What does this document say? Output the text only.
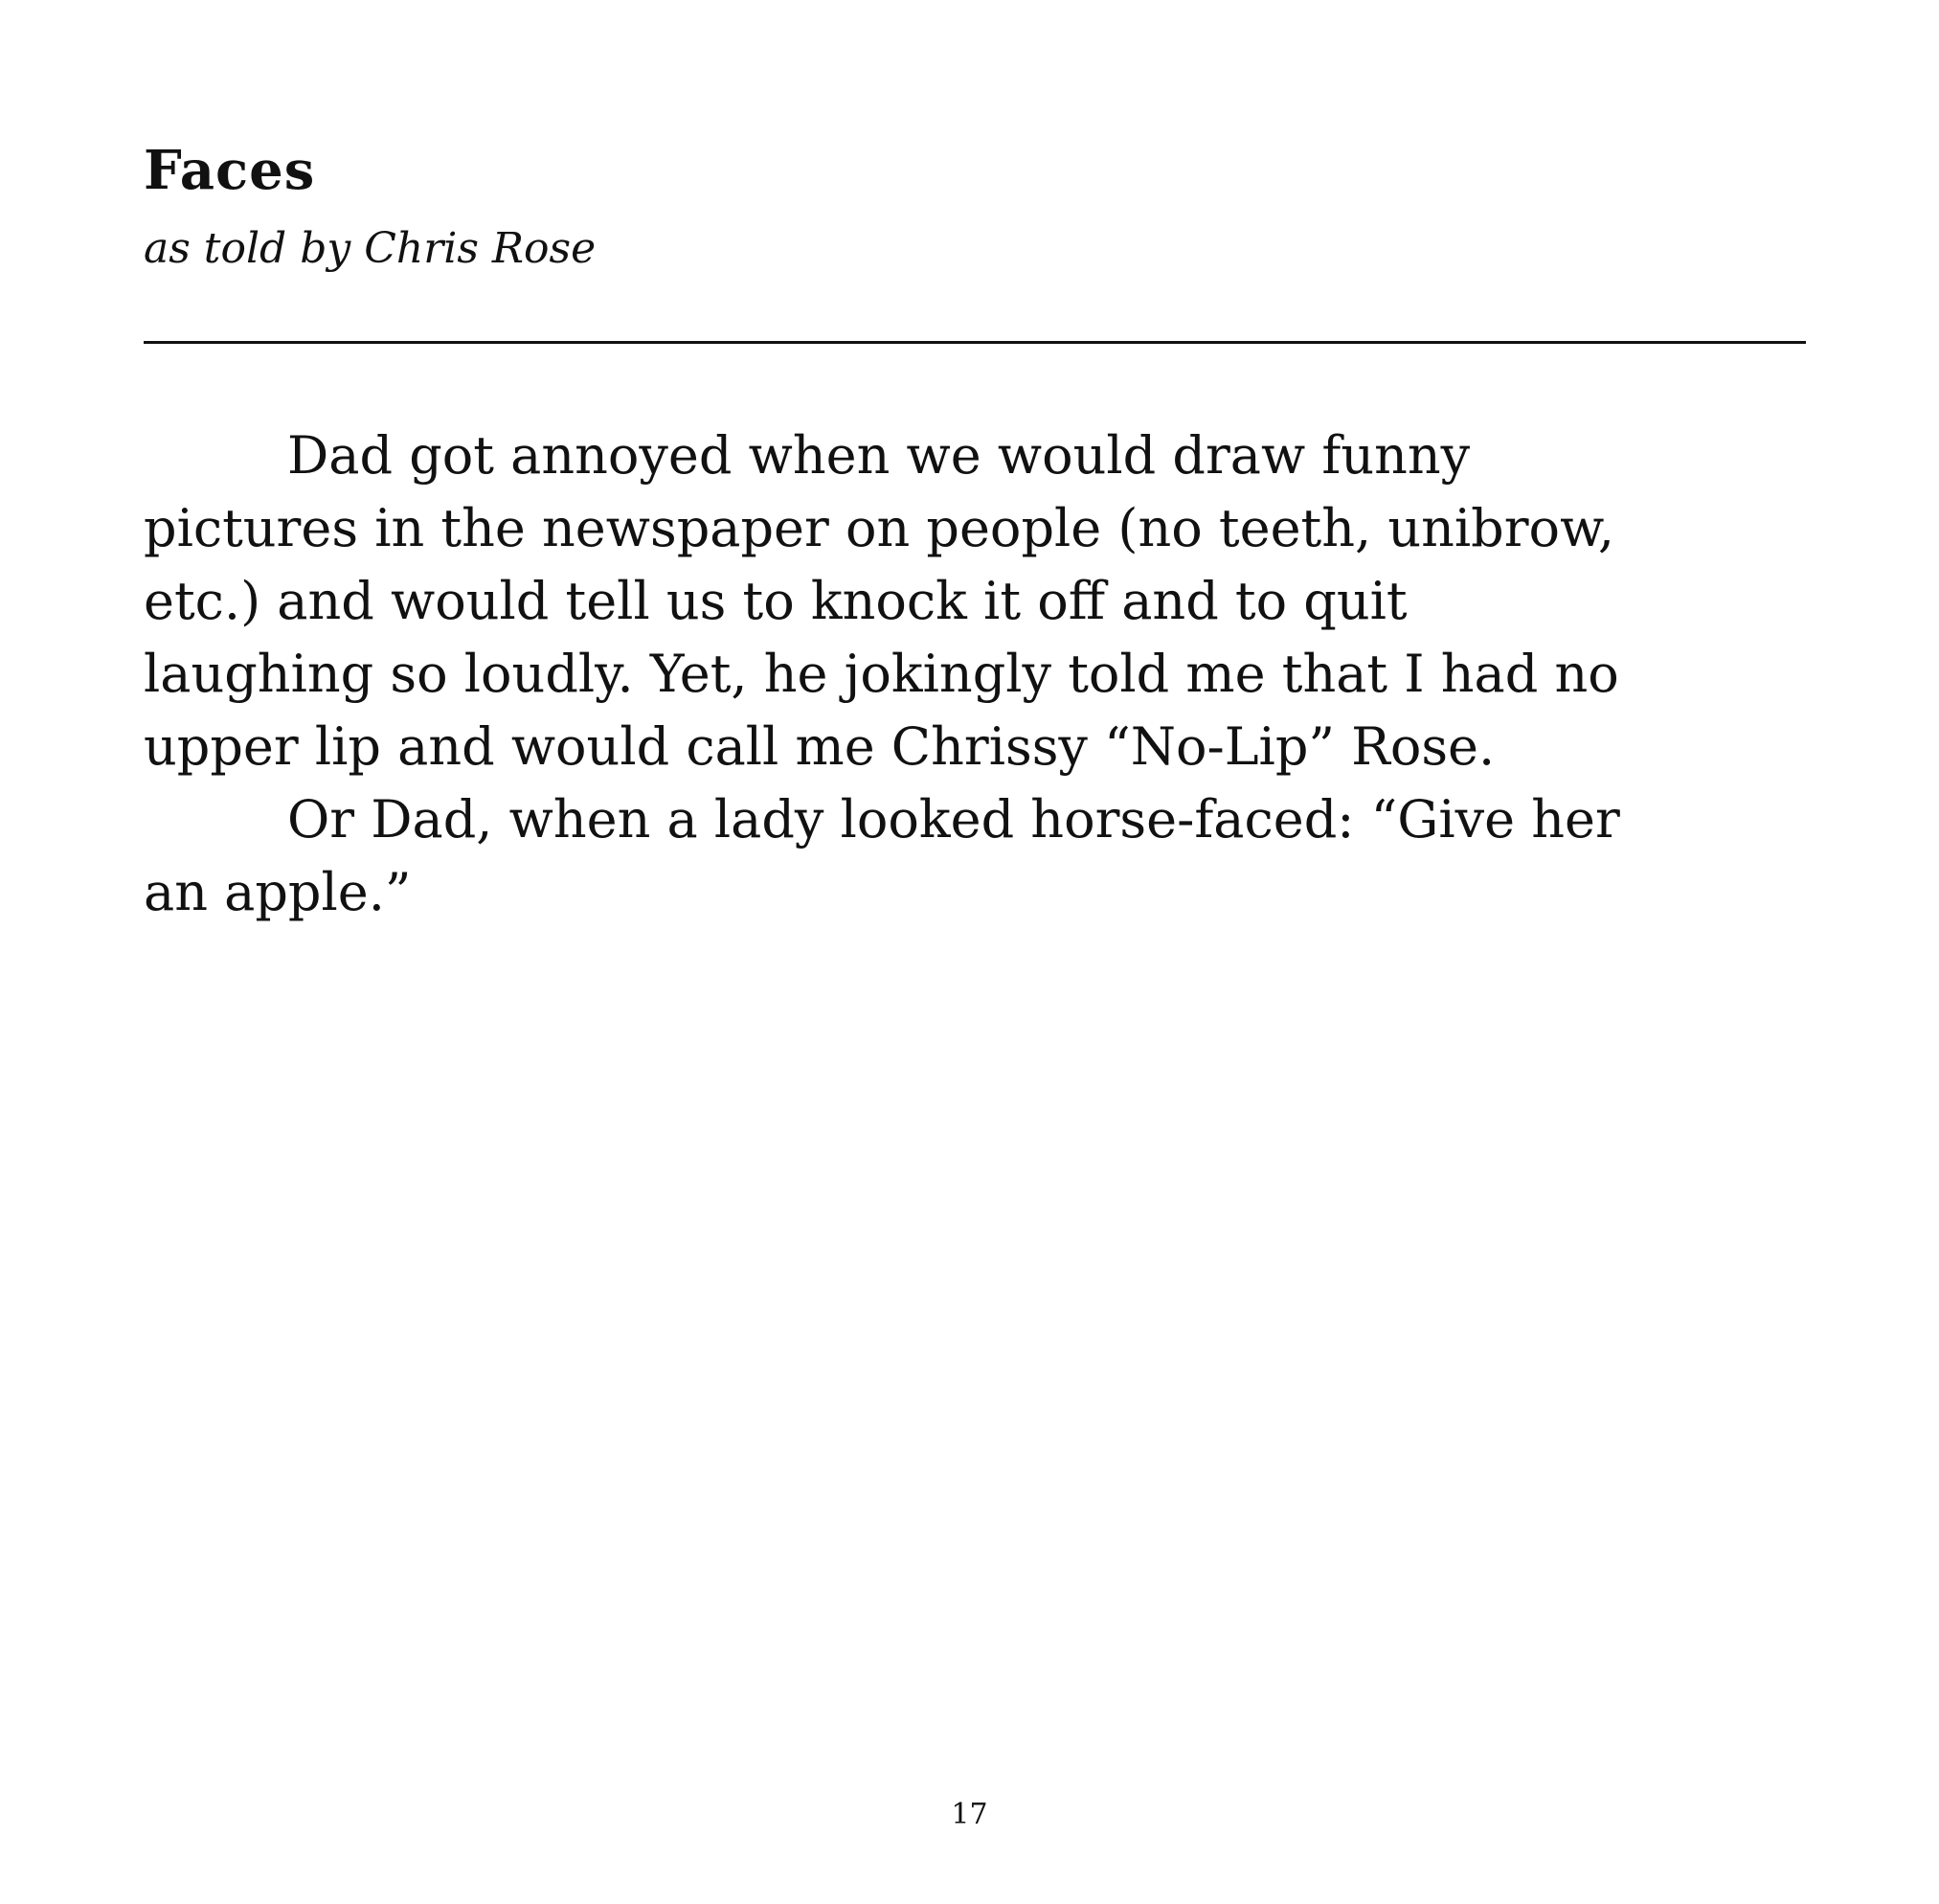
Faces
as told by Chris Rose
Dad got annoyed when we would draw funny
pictures in the newspaper on people (no teeth, unibrow,
etc.) and would tell us to knock it off and to quit
laughing so loudly. Yet, he jokingly told me that I had no
upper lip and would call me Chrissy “No-Lip” Rose.
Or Dad, when a lady looked horse-faced: “Give her
an apple.”
17
